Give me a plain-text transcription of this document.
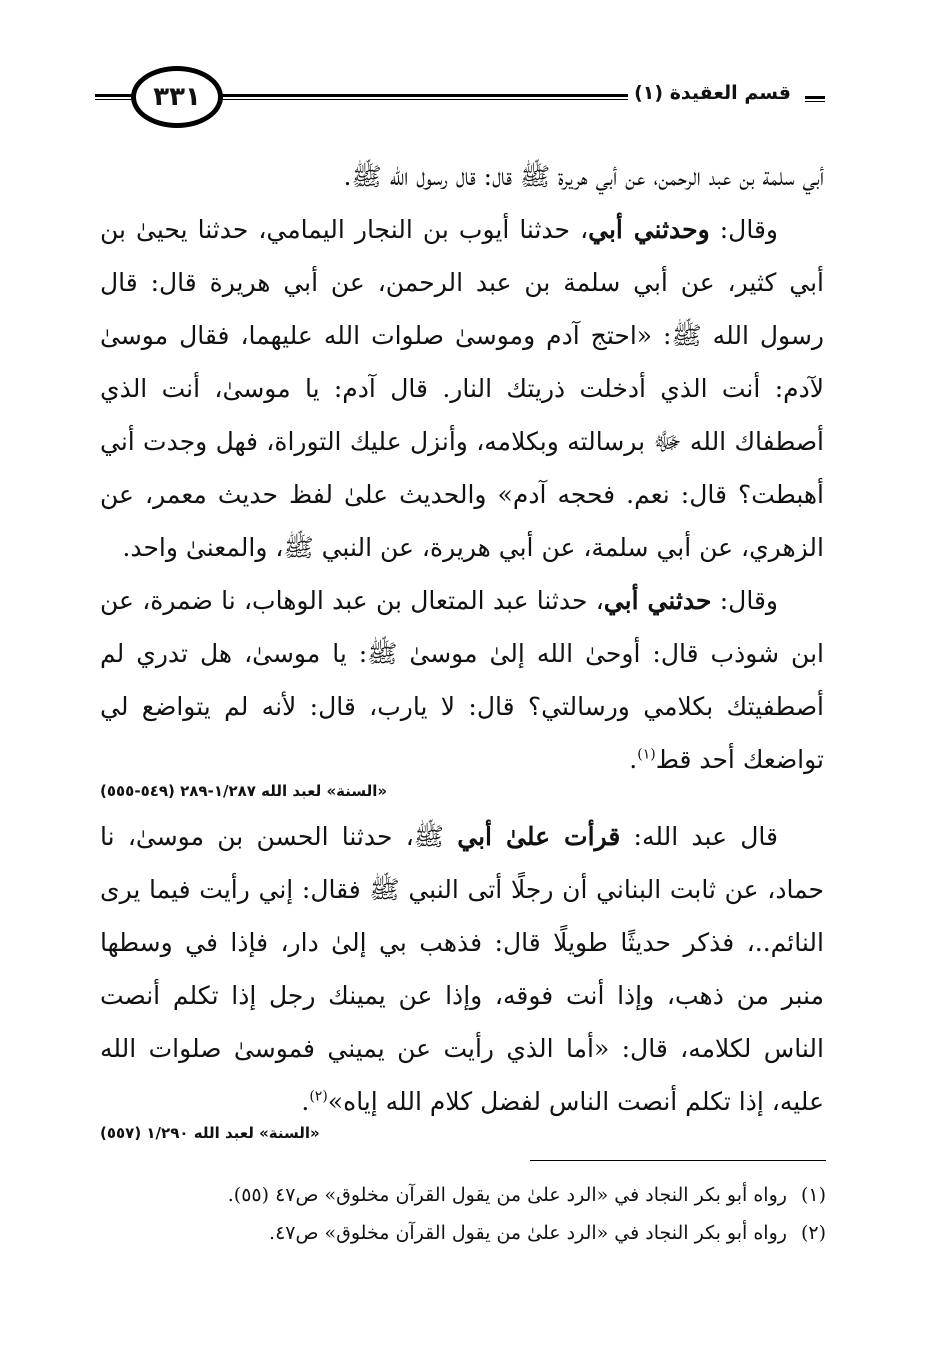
٣٣١	قسم العقيدة (١)

أبي سلمة بن عبد الرحمن، عن أبي هريرة ﷺ قال: قال رسول الله ﷺ.

وقال: وحدثني أبي، حدثنا أيوب بن النجار اليمامي، حدثنا يحيىٰ بن أبي كثير، عن أبي سلمة بن عبد الرحمن، عن أبي هريرة قال: قال رسول الله ﷺ: «احتج آدم وموسىٰ صلوات الله عليهما، فقال موسىٰ لآدم: أنت الذي أدخلت ذريتك النار. قال آدم: يا موسىٰ، أنت الذي أصطفاك الله ﷻ برسالته وبكلامه، وأنزل عليك التوراة، فهل وجدت أني أهبطت؟ قال: نعم. فحجه آدم» والحديث علىٰ لفظ حديث معمر، عن الزهري، عن أبي سلمة، عن أبي هريرة، عن النبي ﷺ، والمعنىٰ واحد.

وقال: حدثني أبي، حدثنا عبد المتعال بن عبد الوهاب، نا ضمرة، عن ابن شوذب قال: أوحىٰ الله إلىٰ موسىٰ ﷺ: يا موسىٰ، هل تدري لم أصطفيتك بكلامي ورسالتي؟ قال: لا يارب، قال: لأنه لم يتواضع لي تواضعك أحد قط$^{(١)}$.

«السنة» لعبد الله ١/٢٨٧-٢٨٩ (٥٤٩-٥٥٥)

قال عبد الله: قرأت علىٰ أبي ﷺ، حدثنا الحسن بن موسىٰ، نا حماد، عن ثابت البناني أن رجلًا أتى النبي ﷺ فقال: إني رأيت فيما يرى النائم..، فذكر حديثًا طويلًا قال: فذهب بي إلىٰ دار، فإذا في وسطها منبر من ذهب، وإذا أنت فوقه، وإذا عن يمينك رجل إذا تكلم أنصت الناس لكلامه، قال: «أما الذي رأيت عن يميني فموسىٰ صلوات الله عليه، إذا تكلم أنصت الناس لفضل كلام الله إياه»$^{(٢)}$.

«السنة» لعبد الله ١/٢٩٠ (٥٥٧)

(١)رواه أبو بكر النجاد في «الرد علىٰ من يقول القرآن مخلوق» ص٤٧ (٥٥).

(٢)رواه أبو بكر النجاد في «الرد علىٰ من يقول القرآن مخلوق» ص٤٧.
